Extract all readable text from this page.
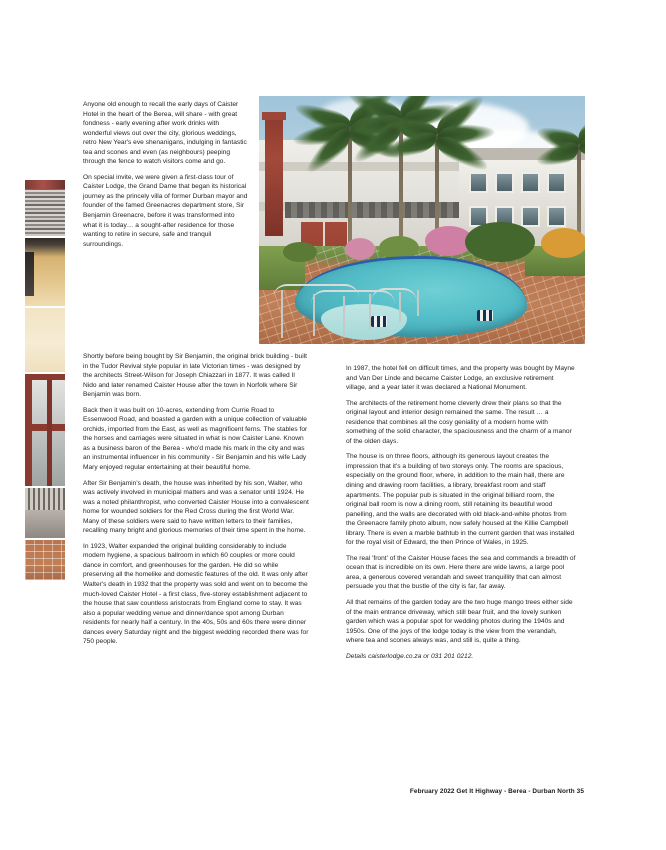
Anyone old enough to recall the early days of Caister Hotel in the heart of the Berea, will share - with great fondness - early evening after work drinks with wonderful views out over the city, glorious weddings, retro New Year's eve shenanigans, indulging in fantastic tea and scones and even (as neighbours) peeping through the fence to watch visitors come and go.

On special invite, we were given a first-class tour of Caister Lodge, the Grand Dame that began its historical journey as the princely villa of former Durban mayor and founder of the famed Greenacres department store, Sir Benjamin Greenacre, before it was transformed into what it is today… a sought-after residence for those wanting to retire in secure, safe and tranquil surroundings.

Shortly before being bought by Sir Benjamin, the original brick building - built in the Tudor Revival style popular in late Victorian times - was designed by the architects Street-Wilson for Joseph Chiazzari in 1877. It was called Il Nido and later renamed Caister House after the town in Norfolk where Sir Benjamin was born.

Back then it was built on 10-acres, extending from Currie Road to Essenwood Road, and boasted a garden with a unique collection of valuable orchids, imported from the East, as well as magnificent ferns. The stables for the horses and carriages were situated in what is now Caister Lane. Known as a business baron of the Berea - who'd made his mark in the city and was an instrumental influencer in his community - Sir Benjamin and his wife Lady Mary enjoyed regular entertaining at their beautiful home.

After Sir Benjamin's death, the house was inherited by his son, Walter, who was actively involved in municipal matters and was a senator until 1924. He was a noted philanthropist, who converted Caister House into a convalescent home for wounded soldiers for the Red Cross during the first World War. Many of these soldiers were said to have written letters to their families, recalling many bright and glorious memories of their time spent in the home.

In 1923, Walter expanded the original building considerably to include modern hygiene, a spacious ballroom in which 60 couples or more could dance in comfort, and greenhouses for the garden. He did so while preserving all the homelike and domestic features of the old. It was only after Walter's death in 1932 that the property was sold and went on to become the much-loved Caister Hotel - a first class, five-storey establishment adjacent to the house that saw countless aristocrats from England come to stay. It was also a popular wedding venue and dinner/dance spot among Durban residents for nearly half a century. In the 40s, 50s and 60s there were dinner dances every Saturday night and the biggest wedding recorded there was for 750 people.

In 1987, the hotel fell on difficult times, and the property was bought by Mayne and Van Der Linde and became Caister Lodge, an exclusive retirement village, and a year later it was declared a National Monument.

The architects of the retirement home cleverly drew their plans so that the original layout and interior design remained the same. The result … a residence that combines all the cosy geniality of a modern home with something of the solid character, the spaciousness and the charm of a manor of the olden days.

The house is on three floors, although its generous layout creates the impression that it's a building of two storeys only. The rooms are spacious, especially on the ground floor, where, in addition to the main hall, there are dining and drawing room facilities, a library, breakfast room and staff apartments. The popular pub is situated in the original billiard room, the original ball room is now a dining room, still retaining its beautiful wood panelling, and the walls are decorated with old black-and-white photos from the Greenacre family photo album, now safely housed at the Killie Campbell library. There is even a marble bathtub in the current garden that was installed for the royal visit of Edward, the then Prince of Wales, in 1925.

The real 'front' of the Caister House faces the sea and commands a breadth of ocean that is incredible on its own. Here there are wide lawns, a large pool area, a generous covered verandah and sweet tranquillity that can almost persuade you that the bustle of the city is far, far away.

All that remains of the garden today are the two huge mango trees either side of the main entrance driveway, which still bear fruit, and the lovely sunken garden which was a popular spot for wedding photos during the 1940s and 1950s. One of the joys of the lodge today is the view from the verandah, where tea and scones always was, and still is, quite a thing.

Details caisterlodge.co.za or 031 201 0212.

February 2022 Get It Highway - Berea - Durban North 35
